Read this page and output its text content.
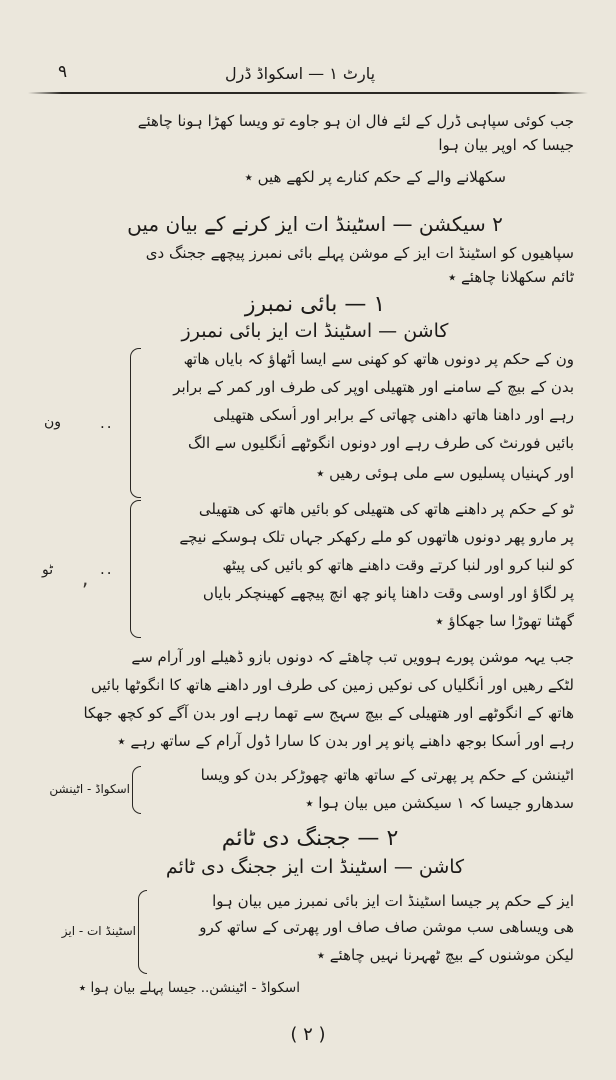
۹	پارٹ ۱ — اسکواڈ ڈرل
جب کوئی سپاہی ڈرل کے لئے فال ان ہو جاوے تو ویسا کھڑا ہونا چاھئے
جیسا کہ اوپر بیان ہوا
سکھلانے والے کے حکم کنارے پر لکھے ھیں ٭
۲ سیکشن — اسٹینڈ ات ایز کرنے کے بیان میں
سپاھیوں کو اسٹینڈ ات ایز کے موشن پہلے بائی نمبرز پیچھے ججنگ دی
ٹائم سکھلانا چاھئے ٭
۱ — بائی نمبرز
کاشن — اسٹینڈ ات ایز بائی نمبرز
ون کے حکم پر دونوں ھاتھ کو کھنی سے ایسا اُٹھاؤ کہ بایاں ھاتھ
بدن کے بیچ کے سامنے اور ھتھیلی اوپر کی طرف اور کمر کے برابر
رہے اور داھنا ھاتھ داھنی چھاتی کے برابر اور اُسکی ھتھیلی
بائیں فورنٹ کی طرف رہے اور دونوں انگوٹھے اُنگلیوں سے الگ
اور کہنیاں پسلیوں سے ملی ہوئی رھیں ٭
..
ون
ٹو کے حکم پر داھنے ھاتھ کی ھتھیلی کو بائیں ھاتھ کی ھتھیلی
پر مارو پھر دونوں ھاتھوں کو ملے رکھکر جہاں تلک ہوسکے نیچے
کو لنبا کرو اور لنبا کرتے وقت داھنے ھاتھ کو بائیں کی پیٹھ
پر لگاؤ اور اوسی وقت داھنا پانو چھ انچ پیچھے کھینچکر بایاں
گھٹنا تھوڑا سا جھکاؤ ٭
..
ٹو ,
جب یہہ موشن پورے ہوویں تب چاھئے کہ دونوں بازو ڈھیلے اور آرام سے
لٹکے رھیں اور اُنگلیاں کی نوکیں زمین کی طرف اور داھنے ھاتھ کا انگوٹھا بائیں
ھاتھ کے انگوٹھے اور ھتھیلی کے بیچ سہج سے تھما رہے اور بدن آگے کو کچھ جھکا
رہے اور اُسکا بوجھ داھنے پانو پر اور بدن کا سارا ڈول آرام کے ساتھ رہے ٭
اٹینشن کے حکم پر پھرتی کے ساتھ ھاتھ چھوڑکر بدن کو ویسا
سدھارو جیسا کہ ۱ سیکشن میں بیان ہوا ٭
اسکواڈ - اٹینشن
۲ — ججنگ دی ٹائم
کاشن — اسٹینڈ ات ایز ججنگ دی ٹائم
ایز کے حکم پر جیسا اسٹینڈ ات ایز بائی نمبرز میں بیان ہوا
ھی ویساھی سب موشن صاف صاف اور پھرتی کے ساتھ کرو
لیکن موشنوں کے بیچ ٹھہرنا نہیں چاھئے ٭
اسٹینڈ ات - ایز
اسکواڈ - اٹینشن.. جیسا پہلے بیان ہوا ٭
( ۲ )
